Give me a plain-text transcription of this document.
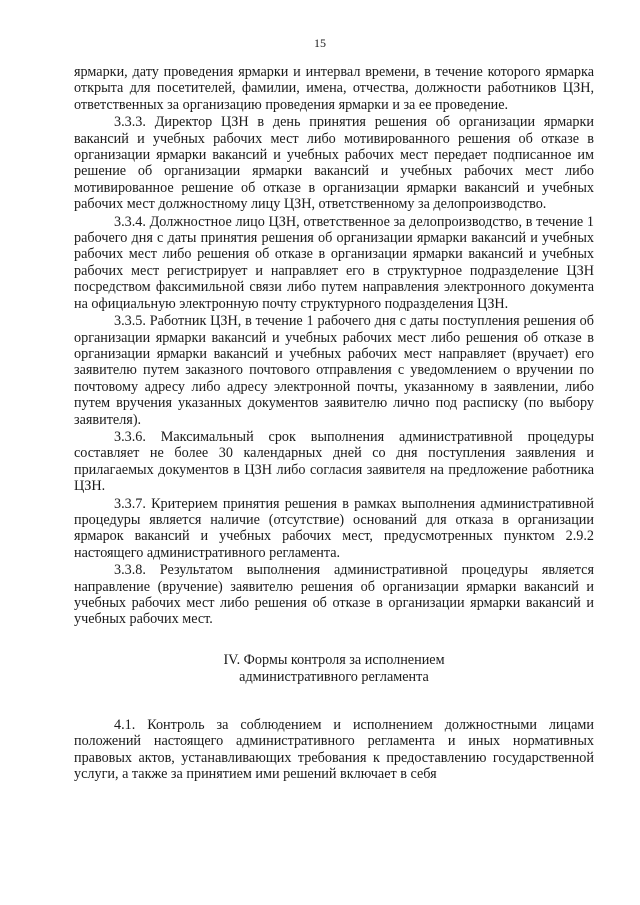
15

ярмарки, дату проведения ярмарки и интервал времени, в течение которого ярмарка открыта для посетителей, фамилии, имена, отчества, должности работников ЦЗН, ответственных за организацию проведения ярмарки и за ее проведение.

3.3.3. Директор ЦЗН в день принятия решения об организации ярмарки вакансий и учебных рабочих мест либо мотивированного решения об отказе в организации ярмарки вакансий и учебных рабочих мест передает подписанное им решение об организации ярмарки вакансий и учебных рабочих мест либо мотивированное решение об отказе в организации ярмарки вакансий и учебных рабочих мест должностному лицу ЦЗН, ответственному за делопроизводство.

3.3.4. Должностное лицо ЦЗН, ответственное за делопроизводство, в течение 1 рабочего дня с даты принятия решения об организации ярмарки вакансий и учебных рабочих мест либо решения об отказе в организации ярмарки вакансий и учебных рабочих мест регистрирует и направляет его в структурное подразделение ЦЗН посредством факсимильной связи либо путем направления электронного документа на официальную электронную почту структурного подразделения ЦЗН.

3.3.5. Работник ЦЗН, в течение 1 рабочего дня с даты поступления решения об организации ярмарки вакансий и учебных рабочих мест либо решения об отказе в организации ярмарки вакансий и учебных рабочих мест направляет (вручает) его заявителю путем заказного почтового отправления с уведомлением о вручении по почтовому адресу либо адресу электронной почты, указанному в заявлении, либо путем вручения указанных документов заявителю лично под расписку (по выбору заявителя).

3.3.6. Максимальный срок выполнения административной процедуры составляет не более 30 календарных дней со дня поступления заявления и прилагаемых документов в ЦЗН либо согласия заявителя на предложение работника ЦЗН.

3.3.7. Критерием принятия решения в рамках выполнения административной процедуры является наличие (отсутствие) оснований для отказа в организации ярмарок вакансий и учебных рабочих мест, предусмотренных пунктом 2.9.2 настоящего административного регламента.

3.3.8. Результатом выполнения административной процедуры является направление (вручение) заявителю решения об организации ярмарки вакансий и учебных рабочих мест либо решения об отказе в организации ярмарки вакансий и учебных рабочих мест.

IV. Формы контроля за исполнением
административного регламента

4.1. Контроль за соблюдением и исполнением должностными лицами положений настоящего административного регламента и иных нормативных правовых актов, устанавливающих требования к предоставлению государственной услуги, а также за принятием ими решений включает в себя
